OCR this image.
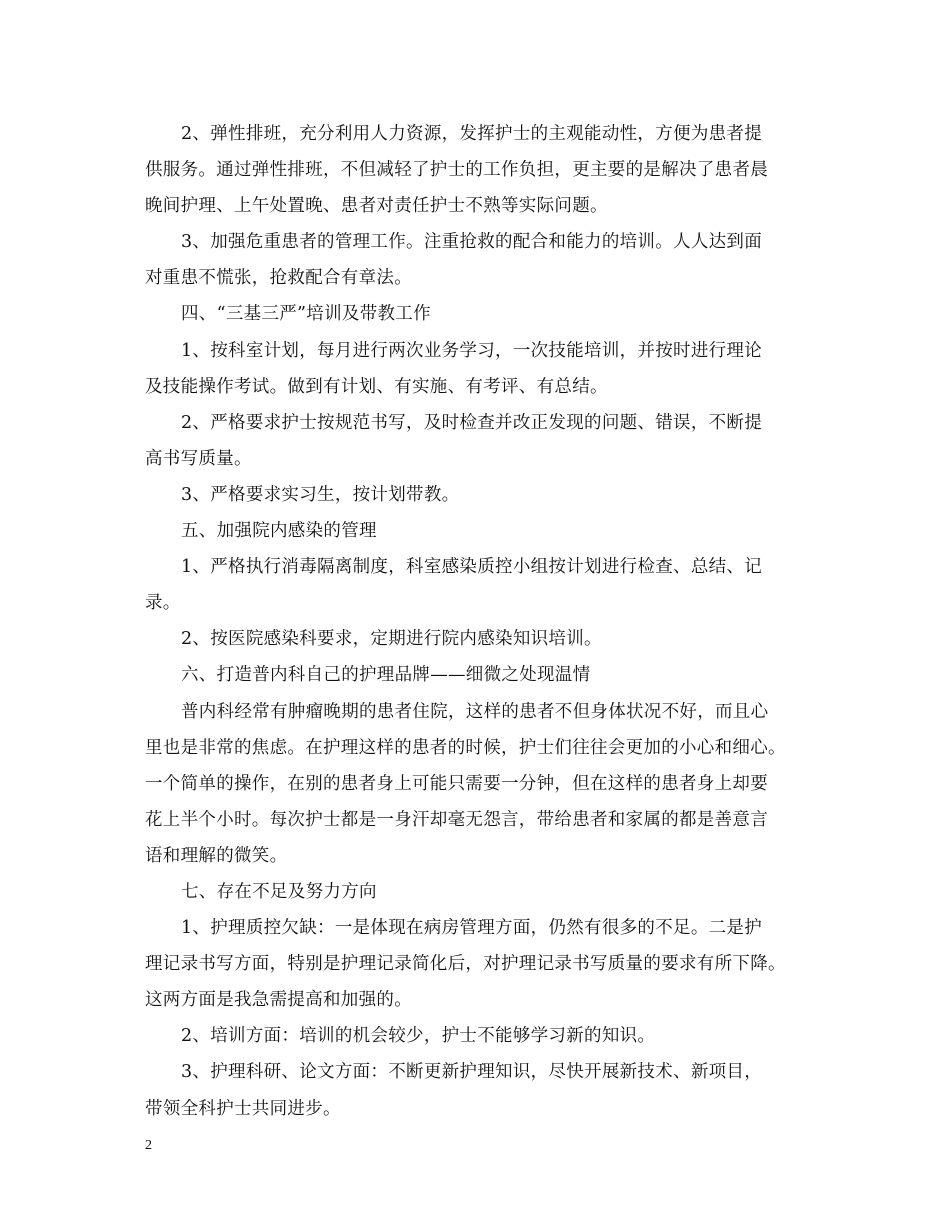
2、弹性排班，充分利用人力资源，发挥护士的主观能动性，方便为患者提
供服务。通过弹性排班，不但减轻了护士的工作负担，更主要的是解决了患者晨
晚间护理、上午处置晚、患者对责任护士不熟等实际问题。
3、加强危重患者的管理工作。注重抢救的配合和能力的培训。人人达到面
对重患不慌张，抢救配合有章法。
四、“三基三严”培训及带教工作
1、按科室计划，每月进行两次业务学习，一次技能培训，并按时进行理论
及技能操作考试。做到有计划、有实施、有考评、有总结。
2、严格要求护士按规范书写，及时检查并改正发现的问题、错误，不断提
高书写质量。
3、严格要求实习生，按计划带教。
五、加强院内感染的管理
1、严格执行消毒隔离制度，科室感染质控小组按计划进行检查、总结、记
录。
2、按医院感染科要求，定期进行院内感染知识培训。
六、打造普内科自己的护理品牌——细微之处现温情
普内科经常有肿瘤晚期的患者住院，这样的患者不但身体状况不好，而且心
里也是非常的焦虑。在护理这样的患者的时候，护士们往往会更加的小心和细心。
一个简单的操作，在别的患者身上可能只需要一分钟，但在这样的患者身上却要
花上半个小时。每次护士都是一身汗却毫无怨言，带给患者和家属的都是善意言
语和理解的微笑。
七、存在不足及努力方向
1、护理质控欠缺：一是体现在病房管理方面，仍然有很多的不足。二是护
理记录书写方面，特别是护理记录简化后，对护理记录书写质量的要求有所下降。
这两方面是我急需提高和加强的。
2、培训方面：培训的机会较少，护士不能够学习新的知识。
3、护理科研、论文方面：不断更新护理知识，尽快开展新技术、新项目，
带领全科护士共同进步。
2
